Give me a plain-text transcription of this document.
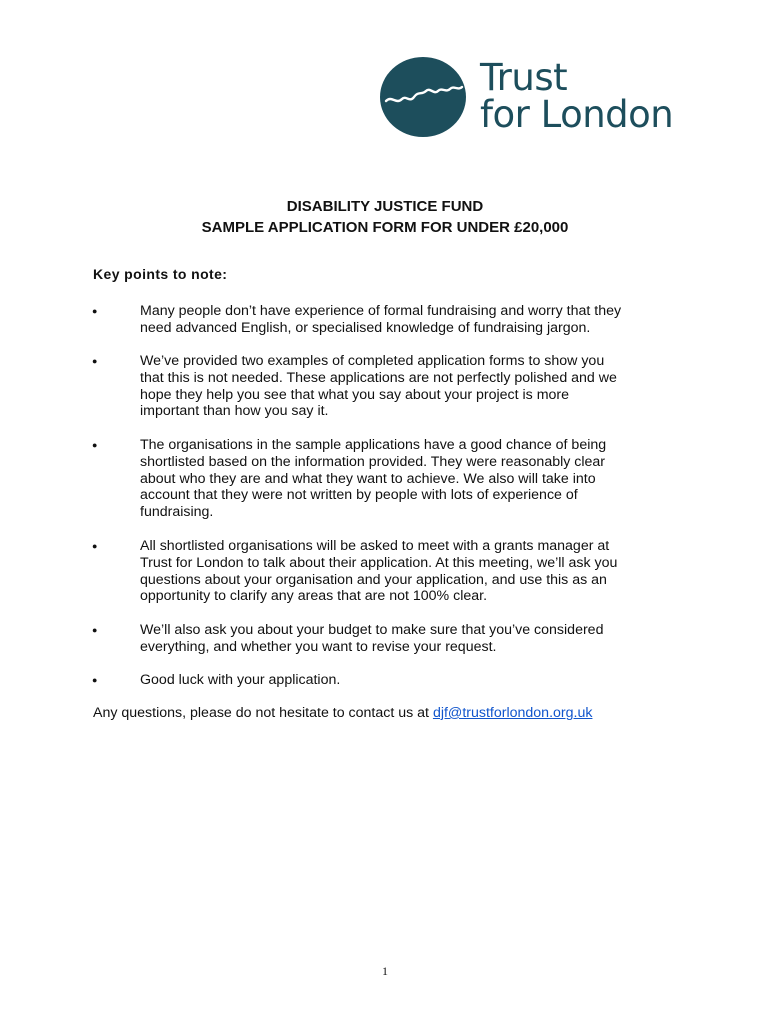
Trust
for London
DISABILITY JUSTICE FUND
SAMPLE APPLICATION FORM FOR UNDER £20,000
Key points to note:
●	Many people don’t have experience of formal fundraising and worry that they
need advanced English, or specialised knowledge of fundraising jargon.
●	We’ve provided two examples of completed application forms to show you
that this is not needed. These applications are not perfectly polished and we
hope they help you see that what you say about your project is more
important than how you say it.
●	The organisations in the sample applications have a good chance of being
shortlisted based on the information provided. They were reasonably clear
about who they are and what they want to achieve. We also will take into
account that they were not written by people with lots of experience of
fundraising.
●	All shortlisted organisations will be asked to meet with a grants manager at
Trust for London to talk about their application. At this meeting, we’ll ask you
questions about your organisation and your application, and use this as an
opportunity to clarify any areas that are not 100% clear.
●	We’ll also ask you about your budget to make sure that you’ve considered
everything, and whether you want to revise your request.
●	Good luck with your application.
Any questions, please do not hesitate to contact us at djf@trustforlondon.org.uk
1
